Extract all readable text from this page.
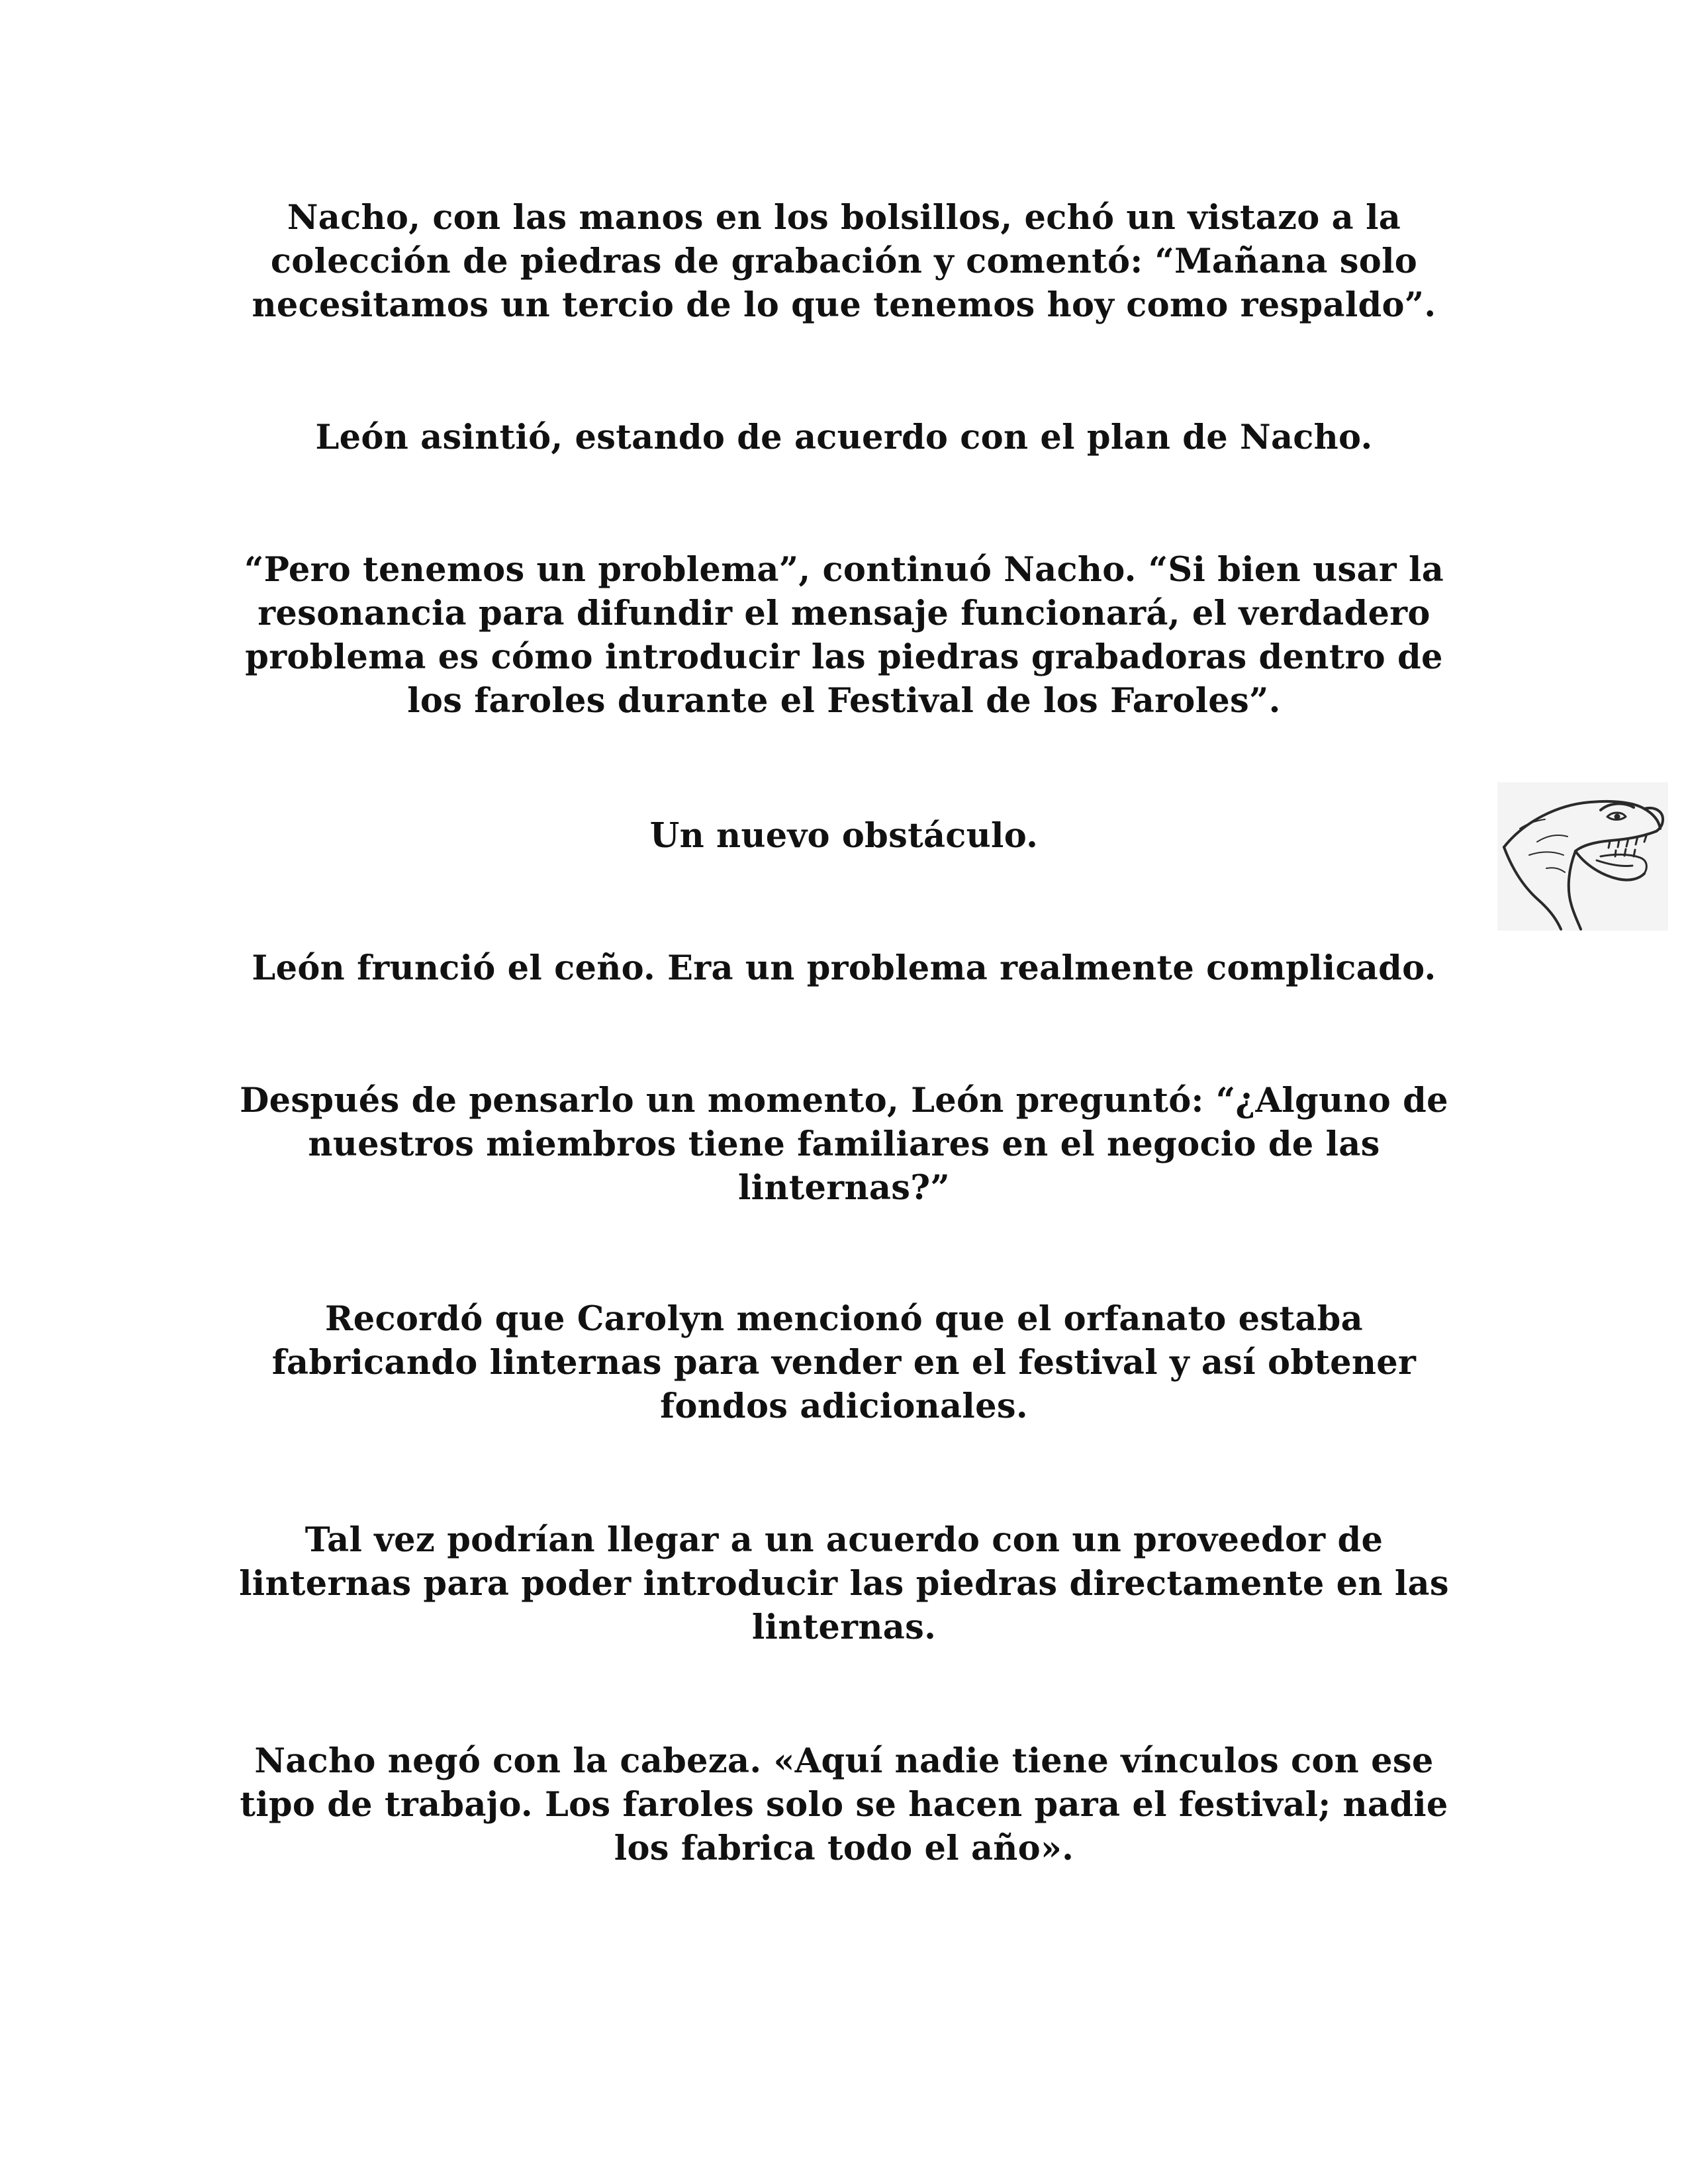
Nacho, con las manos en los bolsillos, echó un vistazo a la colección de piedras de grabación y comentó: “Mañana solo necesitamos un tercio de lo que tenemos hoy como respaldo”.

León asintió, estando de acuerdo con el plan de Nacho.

“Pero tenemos un problema”, continuó Nacho. “Si bien usar la resonancia para difundir el mensaje funcionará, el verdadero problema es cómo introducir las piedras grabadoras dentro de los faroles durante el Festival de los Faroles”.

Un nuevo obstáculo.

León frunció el ceño. Era un problema realmente complicado.

Después de pensarlo un momento, León preguntó: “¿Alguno de nuestros miembros tiene familiares en el negocio de las linternas?”

Recordó que Carolyn mencionó que el orfanato estaba fabricando linternas para vender en el festival y así obtener fondos adicionales.

Tal vez podrían llegar a un acuerdo con un proveedor de linternas para poder introducir las piedras directamente en las linternas.

Nacho negó con la cabeza. «Aquí nadie tiene vínculos con ese tipo de trabajo. Los faroles solo se hacen para el festival; nadie los fabrica todo el año».
